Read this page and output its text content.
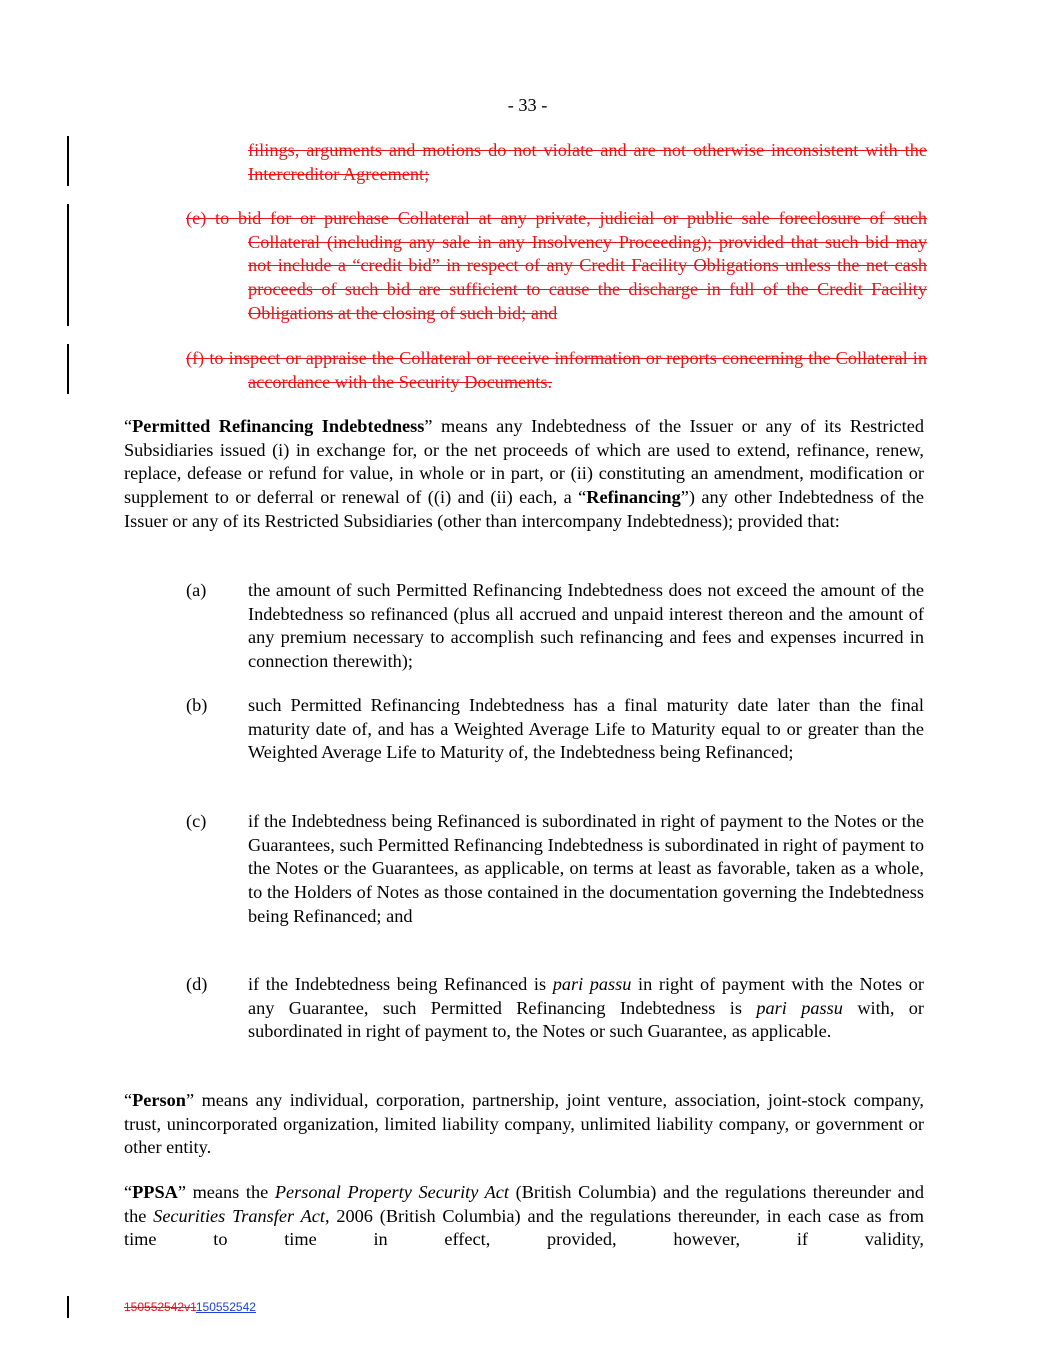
- 33 -
filings, arguments and motions do not violate and are not otherwise inconsistent with the Intercreditor Agreement;
(e) to bid for or purchase Collateral at any private, judicial or public sale foreclosure of such Collateral (including any sale in any Insolvency Proceeding); provided that such bid may not include a “credit bid” in respect of any Credit Facility Obligations unless the net cash proceeds of such bid are sufficient to cause the discharge in full of the Credit Facility Obligations at the closing of such bid; and
(f) to inspect or appraise the Collateral or receive information or reports concerning the Collateral in accordance with the Security Documents.
“Permitted Refinancing Indebtedness” means any Indebtedness of the Issuer or any of its Restricted Subsidiaries issued (i) in exchange for, or the net proceeds of which are used to extend, refinance, renew, replace, defease or refund for value, in whole or in part, or (ii) constituting an amendment, modification or supplement to or deferral or renewal of ((i) and (ii) each, a “Refinancing”) any other Indebtedness of the Issuer or any of its Restricted Subsidiaries (other than intercompany Indebtedness); provided that:
(a) the amount of such Permitted Refinancing Indebtedness does not exceed the amount of the Indebtedness so refinanced (plus all accrued and unpaid interest thereon and the amount of any premium necessary to accomplish such refinancing and fees and expenses incurred in connection therewith);
(b) such Permitted Refinancing Indebtedness has a final maturity date later than the final maturity date of, and has a Weighted Average Life to Maturity equal to or greater than the Weighted Average Life to Maturity of, the Indebtedness being Refinanced;
(c) if the Indebtedness being Refinanced is subordinated in right of payment to the Notes or the Guarantees, such Permitted Refinancing Indebtedness is subordinated in right of payment to the Notes or the Guarantees, as applicable, on terms at least as favorable, taken as a whole, to the Holders of Notes as those contained in the documentation governing the Indebtedness being Refinanced; and
(d) if the Indebtedness being Refinanced is pari passu in right of payment with the Notes or any Guarantee, such Permitted Refinancing Indebtedness is pari passu with, or subordinated in right of payment to, the Notes or such Guarantee, as applicable.
“Person” means any individual, corporation, partnership, joint venture, association, joint-stock company, trust, unincorporated organization, limited liability company, unlimited liability company, or government or other entity.
“PPSA” means the Personal Property Security Act (British Columbia) and the regulations thereunder and the Securities Transfer Act, 2006 (British Columbia) and the regulations thereunder, in each case as from time to time in effect, provided, however, if validity,
150552542v1150552542
